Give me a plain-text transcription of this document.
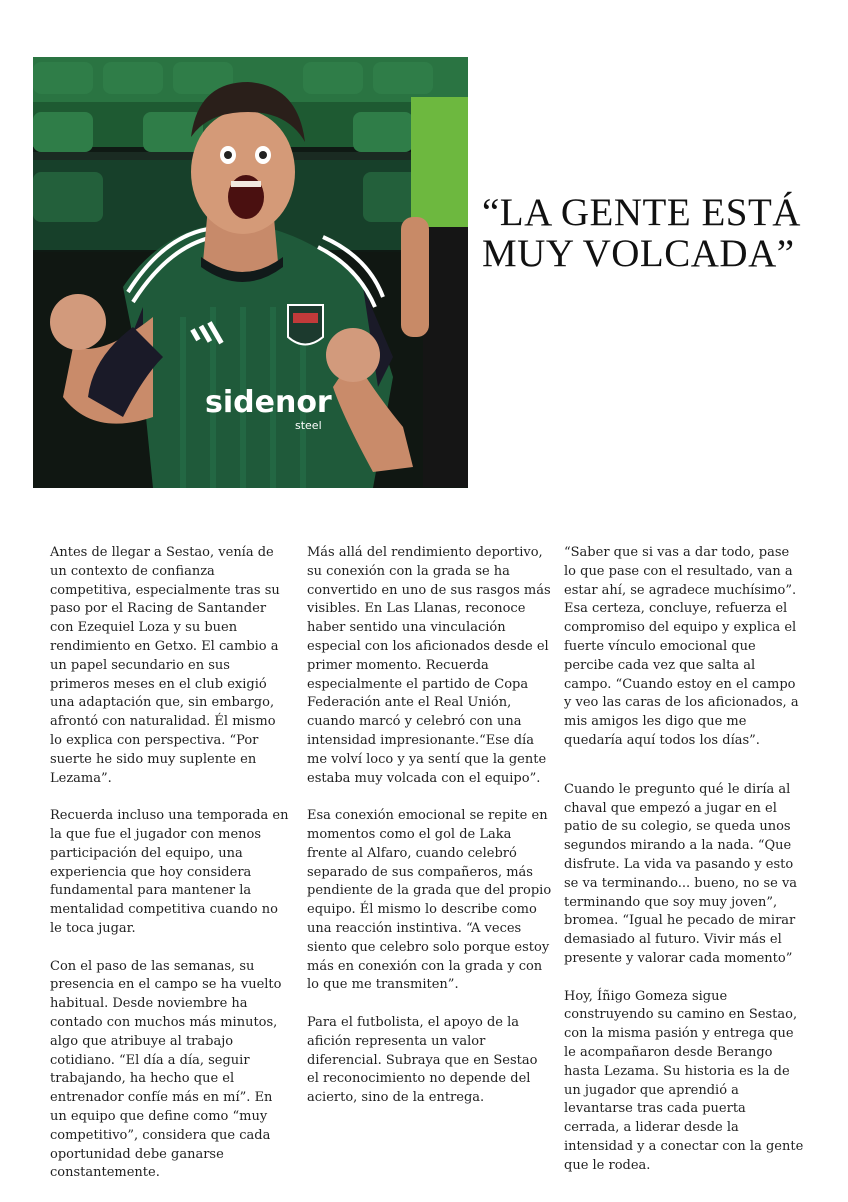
sidenor
steel
“LA GENTE ESTÁ
MUY VOLCADA”

Antes de llegar a Sestao, venía de un contexto de confianza competitiva, especialmente tras su paso por el Racing de Santander con Ezequiel Loza y su buen rendimiento en Getxo. El cambio a un papel secundario en sus primeros meses en el club exigió una adaptación que, sin embargo, afrontó con naturalidad. Él mismo lo explica con perspectiva. “Por suerte he sido muy suplente en Lezama”.

Recuerda incluso una temporada en la que fue el jugador con menos participación del equipo, una experiencia que hoy considera fundamental para mantener la mentalidad competitiva cuando no le toca jugar.

Con el paso de las semanas, su presencia en el campo se ha vuelto habitual. Desde noviembre ha contado con muchos más minutos, algo que atribuye al trabajo cotidiano. “El día a día, seguir trabajando, ha hecho que el entrenador confíe más en mí”. En un equipo que define como “muy competitivo”, considera que cada oportunidad debe ganarse constantemente.

Más allá del rendimiento deportivo, su conexión con la grada se ha convertido en uno de sus rasgos más visibles. En Las Llanas, reconoce haber sentido una vinculación especial con los aficionados desde el primer momento. Recuerda especialmente el partido de Copa Federación ante el Real Unión, cuando marcó y celebró con una intensidad impresionante.“Ese día me volví loco y ya sentí que la gente estaba muy volcada con el equipo”.

Esa conexión emocional se repite en momentos como el gol de Laka frente al Alfaro, cuando celebró separado de sus compañeros, más pendiente de la grada que del propio equipo. Él mismo lo describe como una reacción instintiva. “A veces siento que celebro solo porque estoy más en conexión con la grada y con lo que me transmiten”.

Para el futbolista, el apoyo de la afición representa un valor diferencial. Subraya que en Sestao el reconocimiento no depende del acierto, sino de la entrega.

“Saber que si vas a dar todo, pase lo que pase con el resultado, van a estar ahí, se agradece muchísimo”. Esa certeza, concluye, refuerza el compromiso del equipo y explica el fuerte vínculo emocional que percibe cada vez que salta al campo. “Cuando estoy en el campo y veo las caras de los aficionados, a mis amigos les digo que me quedaría aquí todos los días”.

Cuando le pregunto qué le diría al chaval que empezó a jugar en el patio de su colegio, se queda unos segundos mirando a la nada. “Que disfrute. La vida va pasando y esto se va terminando... bueno, no se va terminando que soy muy joven”, bromea. “Igual he pecado de mirar demasiado al futuro. Vivir más el presente y valorar cada momento”

Hoy, Íñigo Gomeza sigue construyendo su camino en Sestao, con la misma pasión y entrega que le acompañaron desde Berango hasta Lezama. Su historia es la de un jugador que aprendió a levantarse tras cada puerta cerrada, a liderar desde la intensidad y a conectar con la gente que le rodea.
